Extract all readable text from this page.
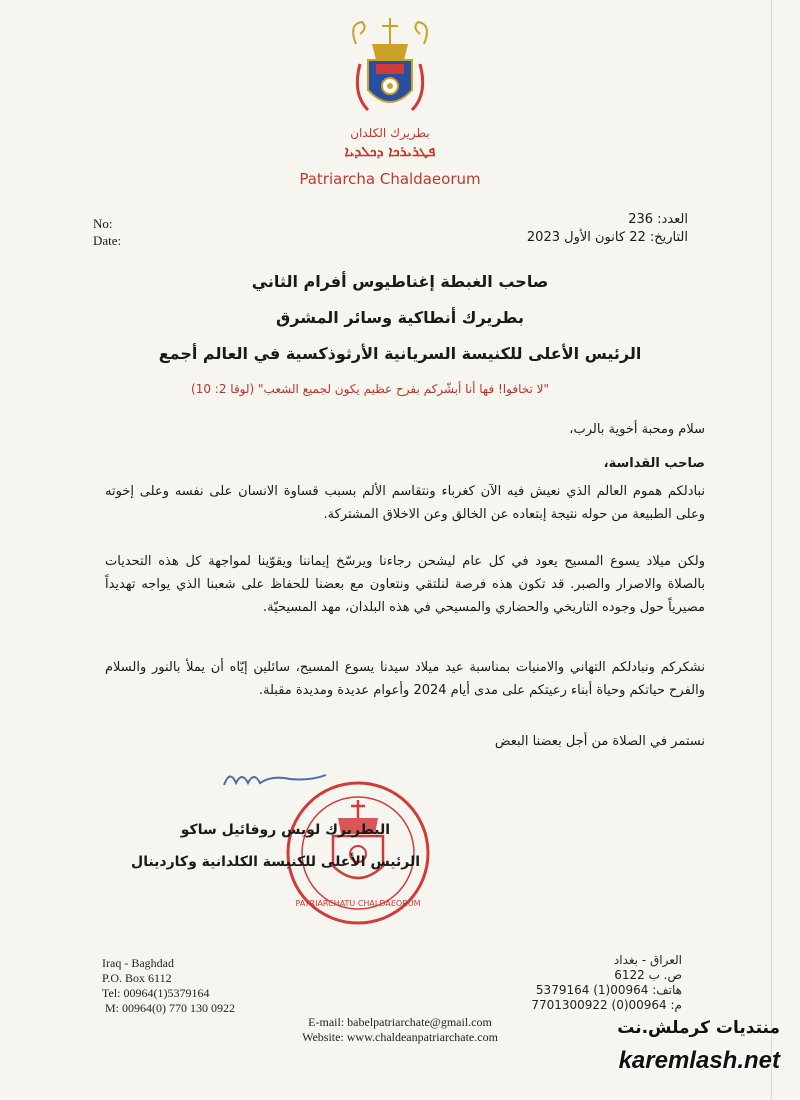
بطريرك الكلدان
ܦܛܪܝܪܟܐ ܕܟܠܕܝܐ
Patriarcha Chaldaeorum
No:
Date:
العدد: 236
التاريخ: 22 كانون الأول 2023
صاحب الغبطة إغناطيوس أفرام الثاني
بطريرك أنطاكية وسائر المشرق
الرئيس الأعلى للكنيسة السريانية الأرثوذكسية في العالم أجمع
"لا تخافوا! فها أنا أبشّركم بفرح عظيم يكون لجميع الشعب" (لوقا 2: 10)
سلام ومحبة أخوية بالرب،
صاحب القداسة،
نبادلكم هموم العالم الذي نعيش فيه الآن كغرباء ونتقاسم الألم بسبب قساوة الانسان على نفسه وعلى إخوته وعلى الطبيعة من حوله نتيجة إبتعاده عن الخالق وعن الاخلاق المشتركة.
ولكن ميلاد يسوع المسيح يعود في كل عام ليشحن رجاءنا ويرسّخ إيماننا ويقوّينا لمواجهة كل هذه التحديات بالصلاة والاصرار والصبر. قد تكون هذه فرصة لنلتقي ونتعاون مع بعضنا للحفاظ على شعبنا الذي يواجه تهديداً مصيرياً حول وجوده التاريخي والحضاري والمسيحي في هذه البلدان، مهد المسيحيّة.
نشكركم ونبادلكم التهاني والامنيات بمناسبة عيد ميلاد سيدنا يسوع المسيح، سائلين إيّاه أن يملأ بالنور والسلام والفرح حياتكم وحياة أبناء رعيتكم على مدى أيام 2024 وأعوام عديدة ومديدة مقبلة.
نستمر في الصلاة من أجل بعضنا البعض
PATRIARCHATU CHALDAEORUM
البطريرك لويس روفائيل ساكو
الرئيس الأعلى للكنيسة الكلدانية وكاردينال
Iraq - Baghdad
P.O. Box 6112
Tel: 00964(1)5379164
M: 00964(0) 770 130 0922
العراق - بغداد
ص. ب 6122
هاتف: 00964(1) 5379164
م: 00964(0) 7701300922
E-mail: babelpatriarchate@gmail.com
Website: www.chaldeanpatriarchate.com	منتديات كرملش.نت
karemlash.net
